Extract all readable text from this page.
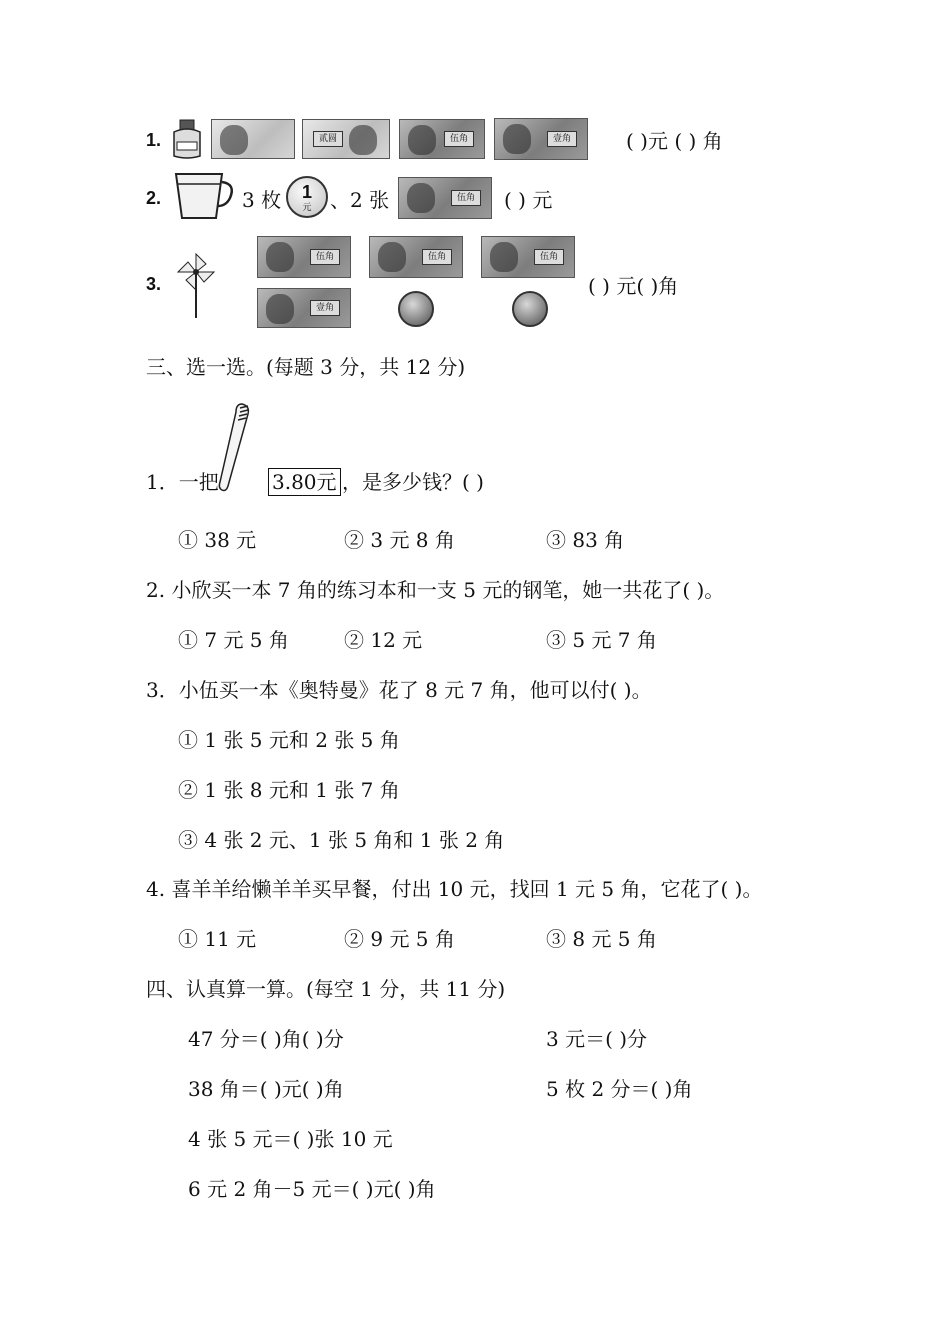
1.	贰圆	伍角	壹角	( )元 ( ) 角
2.	3 枚	1
元 、2 张	伍角	( ) 元
3.
伍角	伍角	伍角
壹角
( ) 元( )角
三、选一选。(每题 3 分，共 12 分)
1．一把	3.80元 ，是多少钱？( )
① 38 元	② 3 元 8 角	③ 83 角
2. 小欣买一本 7 角的练习本和一支 5 元的钢笔，她一共花了( )。
① 7 元 5 角	② 12 元	③ 5 元 7 角
3．小伍买一本《奥特曼》花了 8 元 7 角，他可以付( )。
① 1 张 5 元和 2 张 5 角
② 1 张 8 元和 1 张 7 角
③ 4 张 2 元、1 张 5 角和 1 张 2 角
4. 喜羊羊给懒羊羊买早餐，付出 10 元，找回 1 元 5 角，它花了( )。
① 11 元	② 9 元 5 角	③ 8 元 5 角
四、认真算一算。(每空 1 分，共 11 分)
47 分＝( )角( )分	3 元＝( )分
38 角＝( )元( )角	5 枚 2 分＝( )角
4 张 5 元＝( )张 10 元
6 元 2 角－5 元＝( )元( )角
